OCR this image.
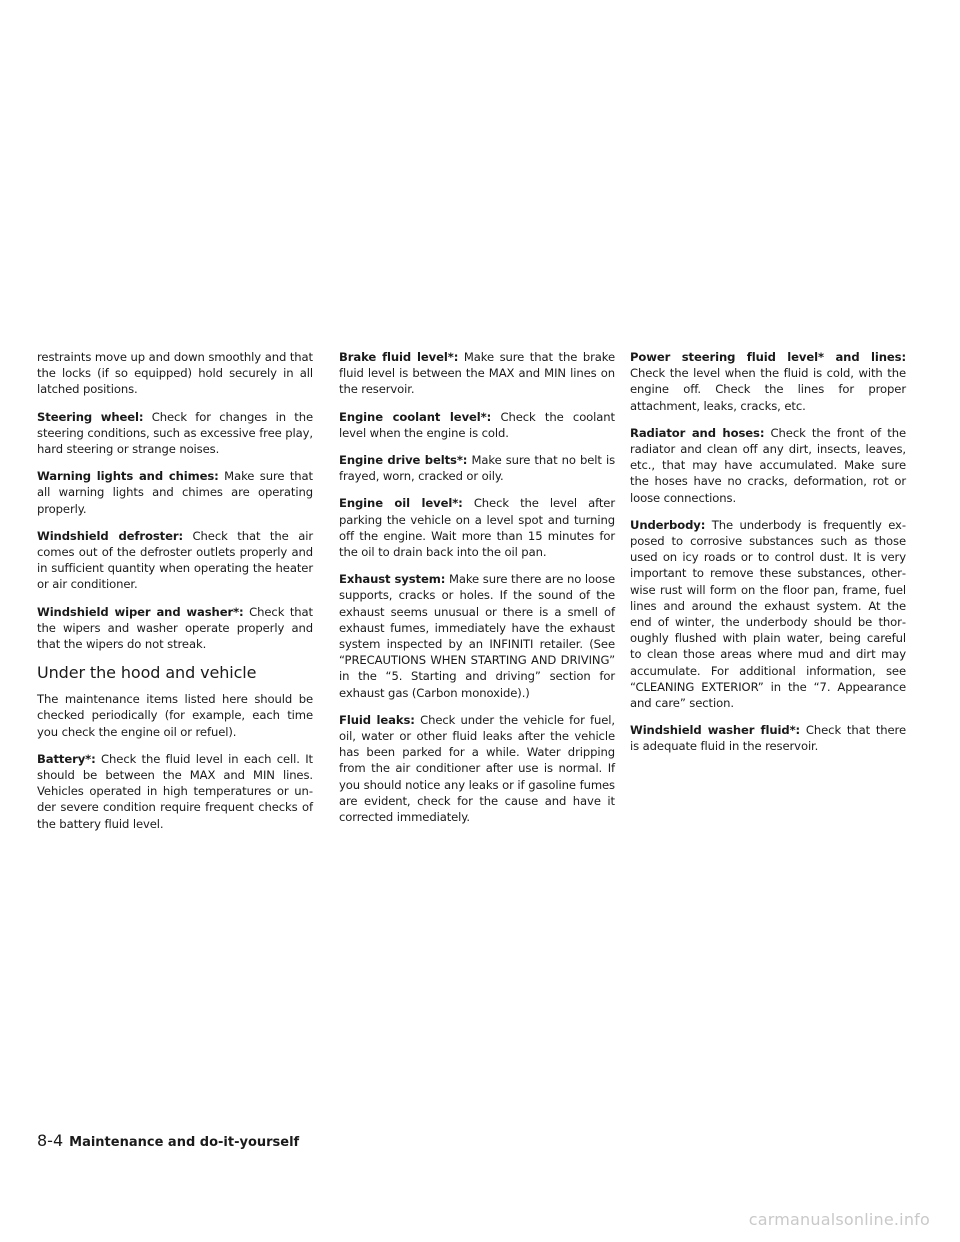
restraints move up and down smoothly and that the locks (if so equipped) hold securely in all latched positions.

Steering wheel: Check for changes in the steering conditions, such as excessive free play, hard steering or strange noises.

Warning lights and chimes: Make sure that all warning lights and chimes are operating properly.

Windshield defroster: Check that the air comes out of the defroster outlets properly and in sufficient quantity when operating the heater or air conditioner.

Windshield wiper and washer*: Check that the wipers and washer operate properly and that the wipers do not streak.

Under the hood and vehicle

The maintenance items listed here should be checked periodically (for example, each time you check the engine oil or refuel).

Battery*: Check the fluid level in each cell. It should be between the MAX and MIN lines. Vehicles operated in high temperatures or under severe condition require frequent checks of the battery fluid level.

Brake fluid level*: Make sure that the brake fluid level is between the MAX and MIN lines on the reservoir.

Engine coolant level*: Check the coolant level when the engine is cold.

Engine drive belts*: Make sure that no belt is frayed, worn, cracked or oily.

Engine oil level*: Check the level after parking the vehicle on a level spot and turning off the engine. Wait more than 15 minutes for the oil to drain back into the oil pan.

Exhaust system: Make sure there are no loose supports, cracks or holes. If the sound of the exhaust seems unusual or there is a smell of exhaust fumes, immediately have the exhaust system inspected by an INFINITI retailer. (See “PRECAUTIONS WHEN STARTING AND DRIVING” in the “5. Starting and driving” section for exhaust gas (Carbon monoxide).)

Fluid leaks: Check under the vehicle for fuel, oil, water or other fluid leaks after the vehicle has been parked for a while. Water dripping from the air conditioner after use is normal. If you should notice any leaks or if gasoline fumes are evident, check for the cause and have it corrected immediately.

Power steering fluid level* and lines: Check the level when the fluid is cold, with the engine off. Check the lines for proper attachment, leaks, cracks, etc.

Radiator and hoses: Check the front of the radiator and clean off any dirt, insects, leaves, etc., that may have accumulated. Make sure the hoses have no cracks, deformation, rot or loose connections.

Underbody: The underbody is frequently exposed to corrosive substances such as those used on icy roads or to control dust. It is very important to remove these substances, otherwise rust will form on the floor pan, frame, fuel lines and around the exhaust system. At the end of winter, the underbody should be thoroughly flushed with plain water, being careful to clean those areas where mud and dirt may accumulate. For additional information, see “CLEANING EXTERIOR” in the “7. Appearance and care” section.

Windshield washer fluid*: Check that there is adequate fluid in the reservoir.

8-4 Maintenance and do-it-yourself
carmanualsonline.info
